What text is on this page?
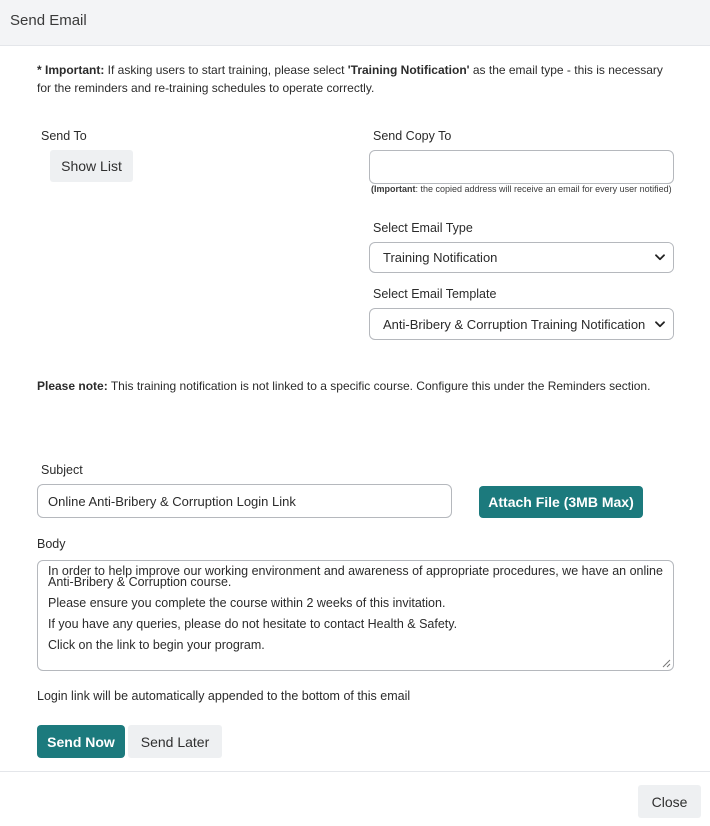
Send Email
* Important: If asking users to start training, please select 'Training Notification' as the email type - this is necessary for the reminders and re-training schedules to operate correctly.
Send To
Show List
Send Copy To
(Important: the copied address will receive an email for every user notified)
Select Email Type
Training Notification
Select Email Template
Anti-Bribery & Corruption Training Notification
Please note: This training notification is not linked to a specific course. Configure this under the Reminders section.
Subject
Online Anti-Bribery & Corruption Login Link
Attach File (3MB Max)
Body

In order to help improve our working environment and awareness of appropriate procedures, we have an online Anti-Bribery & Corruption course.

Please ensure you complete the course within 2 weeks of this invitation.

If you have any queries, please do not hesitate to contact Health & Safety.

Click on the link to begin your program.

Login link will be automatically appended to the bottom of this email
Send Now	Send Later
Close
